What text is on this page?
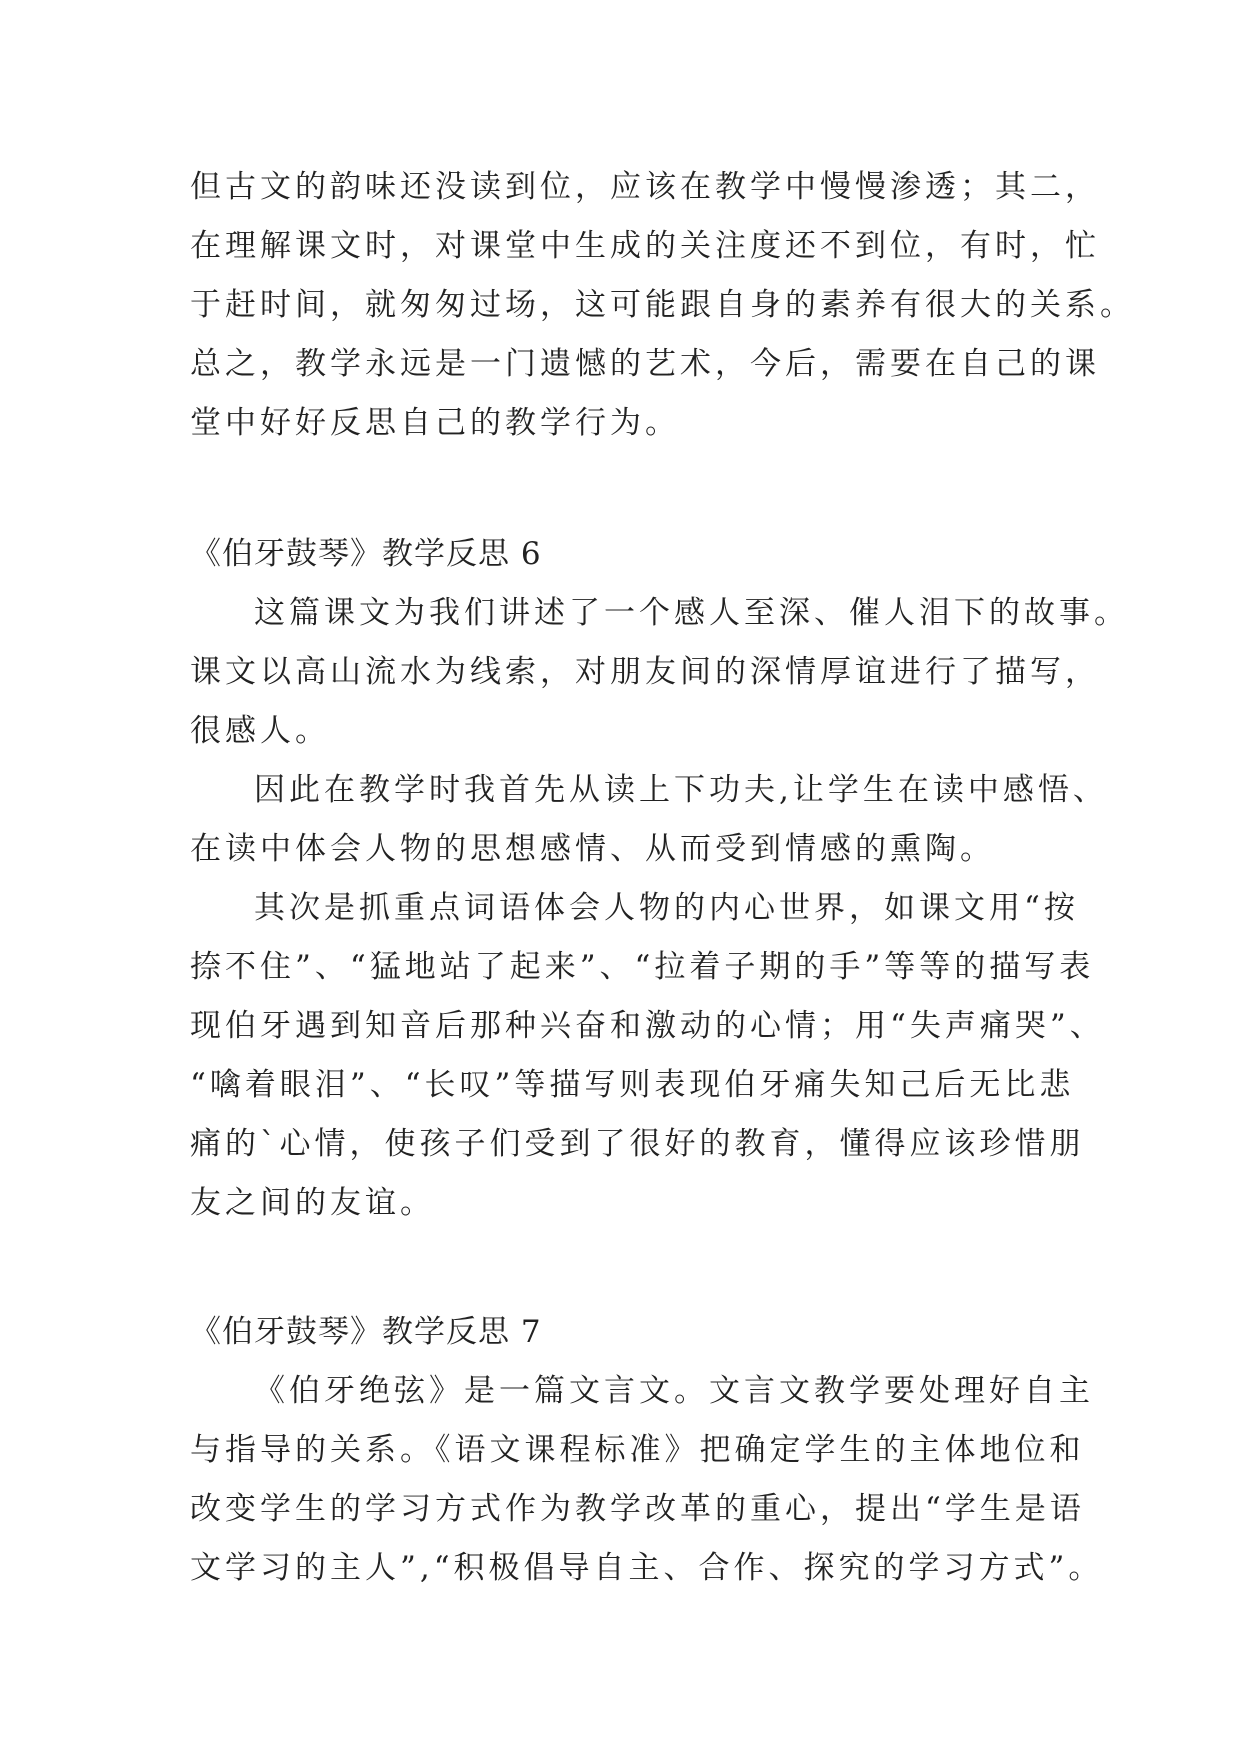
但古文的韵味还没读到位，应该在教学中慢慢渗透；其二，
在理解课文时，对课堂中生成的关注度还不到位，有时，忙
于赶时间，就匆匆过场，这可能跟自身的素养有很大的关系。
总之，教学永远是一门遗憾的艺术，今后，需要在自己的课
堂中好好反思自己的教学行为。
《伯牙鼓琴》教学反思 6
这篇课文为我们讲述了一个感人至深、催人泪下的故事。
课文以高山流水为线索，对朋友间的深情厚谊进行了描写，
很感人。
因此在教学时我首先从读上下功夫,让学生在读中感悟、
在读中体会人物的思想感情、从而受到情感的熏陶。
其次是抓重点词语体会人物的内心世界，如课文用“按
捺不住”、“猛地站了起来”、“拉着子期的手”等等的描写表
现伯牙遇到知音后那种兴奋和激动的心情；用“失声痛哭”、
“噙着眼泪”、“长叹”等描写则表现伯牙痛失知己后无比悲
痛的`心情，使孩子们受到了很好的教育，懂得应该珍惜朋
友之间的友谊。
《伯牙鼓琴》教学反思 7
《伯牙绝弦》是一篇文言文。文言文教学要处理好自主
与指导的关系。《语文课程标准》把确定学生的主体地位和
改变学生的学习方式作为教学改革的重心，提出“学生是语
文学习的主人”,“积极倡导自主、合作、探究的学习方式”。
